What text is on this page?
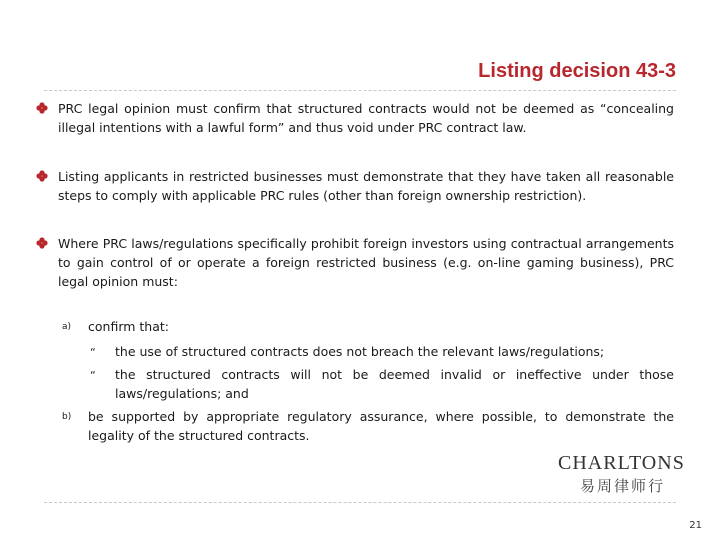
Listing decision 43-3
PRC legal opinion must confirm that structured contracts would not be deemed as “concealing illegal intentions with a lawful form” and thus void under PRC contract law.
Listing applicants in restricted businesses must demonstrate that they have taken all reasonable steps to comply with applicable PRC rules (other than foreign ownership restriction).
Where PRC laws/regulations specifically prohibit foreign investors using contractual arrangements to gain control of or operate a foreign restricted business (e.g. on-line gaming business), PRC legal opinion must:
a) confirm that:
“ the use of structured contracts does not breach the relevant laws/regulations;
“ the structured contracts will not be deemed invalid or ineffective under those laws/regulations; and
b) be supported by appropriate regulatory assurance, where possible, to demonstrate the legality of the structured contracts.
CHARLTONS
易周律师行
21
